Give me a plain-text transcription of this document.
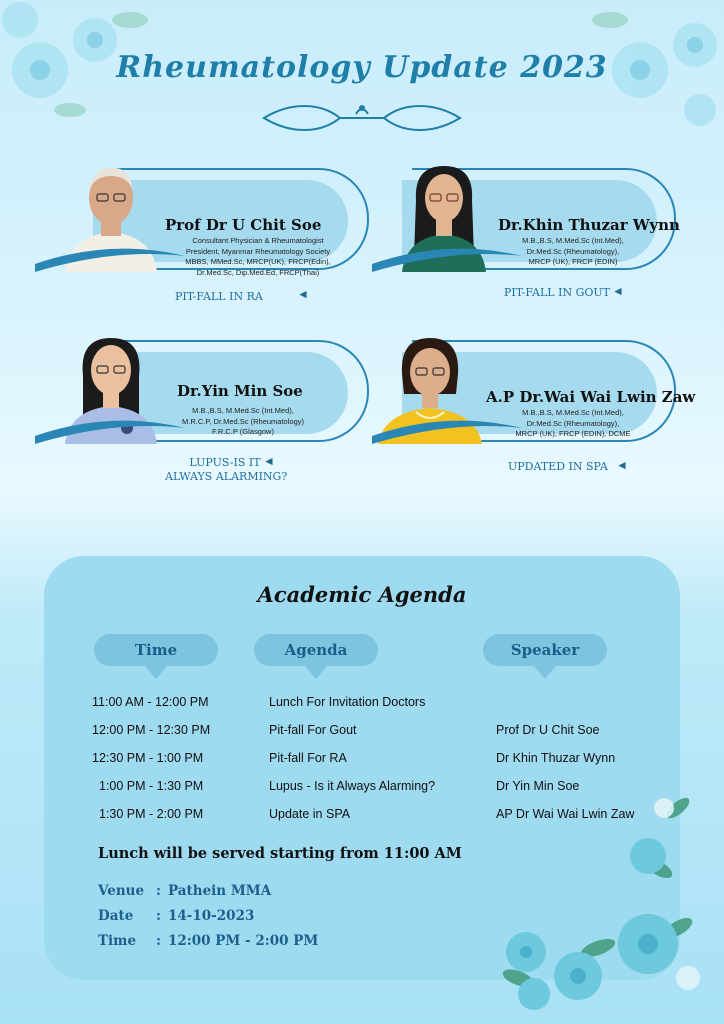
Rheumatology Update 2023
Prof Dr U Chit Soe
Consultant Physician & Rheumatologist
President, Myanmar Rheumatology Society
MBBS, MMed.Sc, MRCP(UK), FRCP(Edin),
Dr.Med.Sc, Dip.Med.Ed, FRCP(Thai)
PIT-FALL IN RA	◄
Dr.Khin Thuzar Wynn
M.B.,B.S, M.Med.Sc (Int.Med),
Dr.Med.Sc (Rheumatology),
MRCP (UK), FRCP (EDIN)
PIT-FALL IN GOUT ◄
Dr.Yin Min Soe
M.B.,B.S, M.Med.Sc (Int.Med),
M.R.C.P, Dr.Med.Sc (Rheumatology)
F.R.C.P (Glasgow)
LUPUS-IS IT
ALWAYS ALARMING?
◄
A.P Dr.Wai Wai Lwin Zaw
M.B.,B.S, M.Med.Sc (Int.Med),
Dr.Med.Sc (Rheumatology),
MRCP (UK), FRCP (EDIN), DCME
UPDATED IN SPA ◄
Academic Agenda
Time	Agenda	Speaker
11:00 AM - 12:00 PM	Lunch For Invitation Doctors
12:00 PM - 12:30 PM	Pit-fall For Gout	Prof Dr U Chit Soe
12:30 PM - 1:00 PM	Pit-fall For RA	Dr Khin Thuzar Wynn
1:00 PM - 1:30 PM	Lupus - Is it Always Alarming?	Dr Yin Min Soe
1:30 PM - 2:00 PM	Update in SPA	AP Dr Wai Wai Lwin Zaw
Lunch will be served starting from 11:00 AM
Venue : Pathein MMA
Date : 14-10-2023
Time : 12:00 PM - 2:00 PM
